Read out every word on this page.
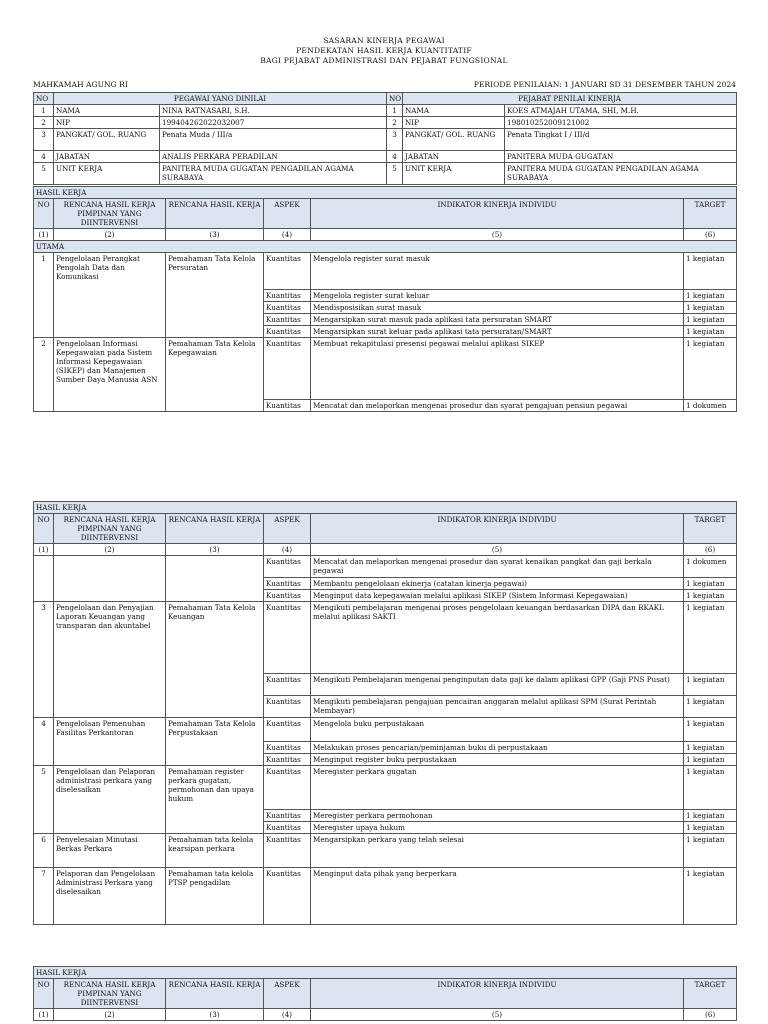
SASARAN KINERJA PEGAWAI
PENDEKATAN HASIL KERJA KUANTITATIF
BAGI PEJABAT ADMINISTRASI DAN PEJABAT FUNGSIONAL
MAHKAMAH AGUNG RI	PERIODE PENILAIAN: 1 JANUARI SD 31 DESEMBER TAHUN 2024
NO	PEGAWAI YANG DINILAI		NO	PEJABAT PENILAI KINERJA	
1	NAMA	NINA RATNASARI, S.H.	1	NAMA	KOES ATMAJAH UTAMA, SHI, M.H.
2	NIP	199404262022032007	2	NIP	198010252009121002
3	PANGKAT/ GOL. RUANG	Penata Muda / III/a	3	PANGKAT/ GOL. RUANG	Penata Tingkat I / III/d
4	JABATAN	ANALIS PERKARA PERADILAN	4	JABATAN	PANITERA MUDA GUGATAN
5	UNIT KERJA	PANITERA MUDA GUGATAN PENGADILAN AGAMA SURABAYA	5	UNIT KERJA	PANITERA MUDA GUGATAN PENGADILAN AGAMA SURABAYA
HASIL KERJA					
NO	RENCANA HASIL KERJA PIMPINAN YANG DIINTERVENSI	RENCANA HASIL KERJA	ASPEK	INDIKATOR KINERJA INDIVIDU	TARGET
(1)	(2)	(3)	(4)	(5)	(6)
UTAMA					
1	Pengelolaan Perangkat Pengolah Data dan Komunikasi	Pemahaman Tata Kelola Persuratan	Kuantitas	Mengelola register surat masuk	1 kegiatan
			Kuantitas	Mengelola register surat keluar	1 kegiatan
			Kuantitas	Mendisposisikan surat masuk	1 kegiatan
			Kuantitas	Mengarsipkan surat masuk pada aplikasi tata persuratan SMART	1 kegiatan
			Kuantitas	Mengarsipkan surat keluar pada aplikasi tata persuratan/SMART	1 kegiatan
2	Pengelolaan Informasi Kepegawaian pada Sistem Informasi Kepegawaian (SIKEP) dan Manajemen Sumber Daya Manusia ASN	Pemahaman Tata Kelola Kepegawaian	Kuantitas	Membuat rekapitulasi presensi pegawai melalui aplikasi SIKEP	1 kegiatan
			Kuantitas	Mencatat dan melaporkan mengenai prosedur dan syarat pengajuan pensiun pegawai	1 dokumen
HASIL KERJA					
NO	RENCANA HASIL KERJA PIMPINAN YANG DIINTERVENSI	RENCANA HASIL KERJA	ASPEK	INDIKATOR KINERJA INDIVIDU	TARGET
(1)	(2)	(3)	(4)	(5)	(6)
			Kuantitas	Mencatat dan melaporkan mengenai prosedur dan syarat kenaikan pangkat dan gaji berkala pegawai	1 dokumen
			Kuantitas	Membantu pengelolaan ekinerja (catatan kinerja pegawai)	1 kegiatan
			Kuantitas	Menginput data kepegawaian melalui aplikasi SIKEP (Sistem Informasi Kepegawaian)	1 kegiatan
3	Pengelolaan dan Penyajian Laporan Keuangan yang transparan dan akuntabel	Pemahaman Tata Kelola Keuangan	Kuantitas	Mengikuti pembelajaran mengenai proses pengelolaan keuangan berdasarkan DIPA dan RKAKL melalui aplikasi SAKTI	1 kegiatan
			Kuantitas	Mengikuti Pembelajaran mengenai penginputan data gaji ke dalam aplikasi GPP (Gaji PNS Pusat)	1 kegiatan
			Kuantitas	Mengikuti pembelajaran pengajuan pencairan anggaran melalui aplikasi SPM (Surat Perintah Membayar)	1 kegiatan
4	Pengelolaan Pemenuhan Fasilitas Perkantoran	Pemahaman Tata Kelola Perpustakaan	Kuantitas	Mengelola buku perpustakaan	1 kegiatan
			Kuantitas	Melakukan proses pencarian/peminjaman buku di perpustakaan	1 kegiatan
			Kuantitas	Menginput register buku perpustakaan	1 kegiatan
5	Pengelolaan dan Pelaporan administrasi perkara yang diselesaikan	Pemahaman register perkara gugatan, permohonan dan upaya hukum	Kuantitas	Meregister perkara gugatan	1 kegiatan
			Kuantitas	Meregister perkara permohonan	1 kegiatan
			Kuantitas	Meregister upaya hukum	1 kegiatan
6	Penyelesaian Minutasi Berkas Perkara	Pemahaman tata kelola kearsipan perkara	Kuantitas	Mengarsipkan perkara yang telah selesai	1 kegiatan
7	Pelaporan dan Pengelolaan Administrasi Perkara yang diselesaikan	Pemahaman tata kelola PTSP pengadilan	Kuantitas	Menginput data pihak yang berperkara	1 kegiatan
HASIL KERJA					
NO	RENCANA HASIL KERJA PIMPINAN YANG DIINTERVENSI	RENCANA HASIL KERJA	ASPEK	INDIKATOR KINERJA INDIVIDU	TARGET
(1)	(2)	(3)	(4)	(5)	(6)
